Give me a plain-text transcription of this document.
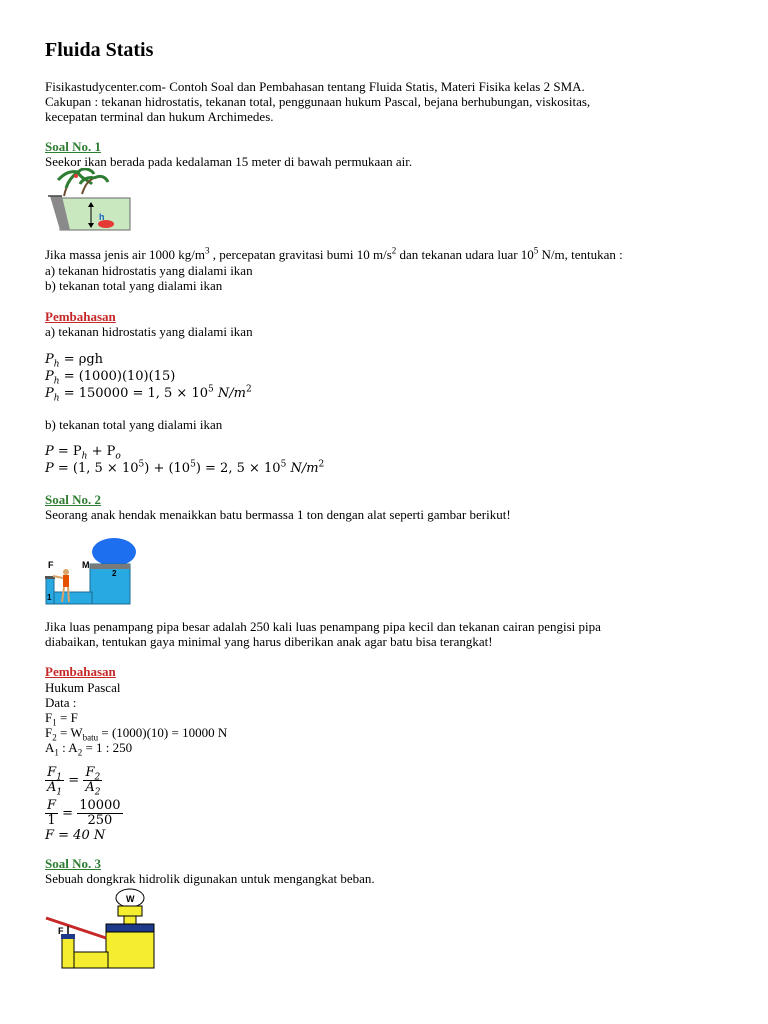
Fluida Statis
Fisikastudycenter.com- Contoh Soal dan Pembahasan tentang Fluida Statis, Materi Fisika kelas 2 SMA.
Cakupan : tekanan hidrostatis, tekanan total, penggunaan hukum Pascal, bejana berhubungan, viskositas,
kecepatan terminal dan hukum Archimedes.
Soal No. 1
Seekor ikan berada pada kedalaman 15 meter di bawah permukaan air.
h
Jika massa jenis air 1000 $kg/m^3$ , percepatan gravitasi bumi 10 $m/s^2$ dan tekanan udara luar $10^5$ N/m, tentukan :
a) tekanan hidrostatis yang dialami ikan
b) tekanan total yang dialami ikan
Pembahasan
a) tekanan hidrostatis yang dialami ikan
$P_h = \rho gh$
$P_h = (1000)(10)(15)$
$P_h = 150000 = 1$, $5 \times 10^5$ $N/m^2$
b) tekanan total yang dialami ikan
$P = P_h + P_o$
P = (1, $5 \times 10^5) + (10^5) = 2$, $5 \times 10^5$ $N/m^2$
Soal No. 2
Seorang anak hendak menaikkan batu bermassa 1 ton dengan alat seperti gambar berikut!
F	M
1
2
Jika luas penampang pipa besar adalah 250 kali luas penampang pipa kecil dan tekanan cairan pengisi pipa
diabaikan, tentukan gaya minimal yang harus diberikan anak agar batu bisa terangkat!
Pembahasan
Hukum Pascal
Data :
$F_1 = F$
$F_2 = W_{batu} = (1000)(10) = 10000$ N
$A_1$ : $A_2 = 1$ : 250
$\frac{F_1}{A_1} = \frac{F_2}{A_2}$
$\frac{F}{1} = \frac{10000}{250}$
F = 40 N
Soal No. 3
Sebuah dongkrak hidrolik digunakan untuk mengangkat beban.
W
F
